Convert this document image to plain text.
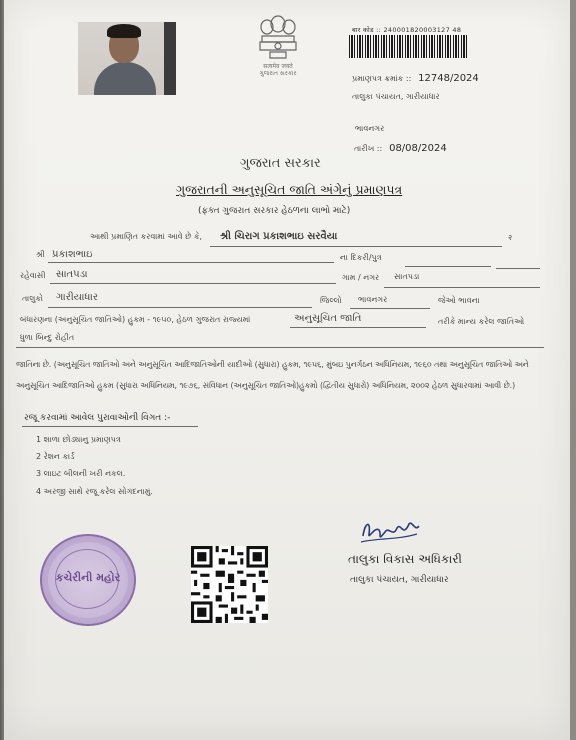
सत्यमेव जयते
ગુજરાત સરકાર
बार कोड :: 240001820003127 48
પ્રમાણપત્ર ક્રમાંક :: 12748/2024
તાલુકા પંચાયત, ગારીયાધાર
ભાવનગર
તારીખ :: 08/08/2024
ગુજરાત સરકાર
ગુજરાતની અનુસૂચિત જાતિ અંગેનું પ્રમાણપત્ર
(ફક્ત ગુજરાત સરકાર હેઠળના લાભો માટે)
આથી પ્રમાણિત કરવામાં આવે છે કે, શ્રી ચિરાગ પ્રકાશભાઇ સરવૈયા	२
શ્રી પ્રકાશભાઇ	ના દિકરી/પુત્ર
રહેવાસી સાતપડા	ગામ / નગર સાતપડા
તાલુકો ગારીયાધાર	જિલ્લો ભાવનગર	જેઓ ભાવના
બંધારણના (અનુસૂચિત જાતિઓ) હુકમ - ૧૯૫૦, હેઠળ ગુજરાત રાજ્યમાં	અનુસૂચિત જાતિ	તરીકે માન્ય કરેલ જાતિઓ
ધુળા બિન્દુ રોહીત
જાતિના છે. (અનુસૂચિત જાતિઓ અને અનુસૂચિત આદિજાતિઓની યાદીઓ (સુધારા) હુકમ, ૧૯૫૬, મુંબઇ પુનર્ગઠન અધિનિયમ, ૧૯૬૦ તથા અનુસૂચિત જાતિઓ અને અનુસૂચિત આદિજાતિઓ હુકમ (સુધારા અધિનિયમ, ૧૯૭૬, સંવિધાન (અનુસૂચિત જાતિઓ)હુકમો (દ્વિતીય સુધારો) અધિનિયમ, ૨૦૦૨ હેઠળ સુધારવામાં આવી છે.)
રજૂ કરવામાં આવેલ પુરાવાઓની વિગત :-
1 શાળા છોડ્યાનુ પ્રમાણપત્ર
2 રેશન કાર્ડ
3 લાઇટ બીલની ખરી નકલ.
4 અરજી સાથે રજૂ કરેલ સોગંદનામું.
કચેરીની મહોર
તાલુકા વિકાસ અધિકારી
તાલુકા પંચાયત, ગારીયાધાર
